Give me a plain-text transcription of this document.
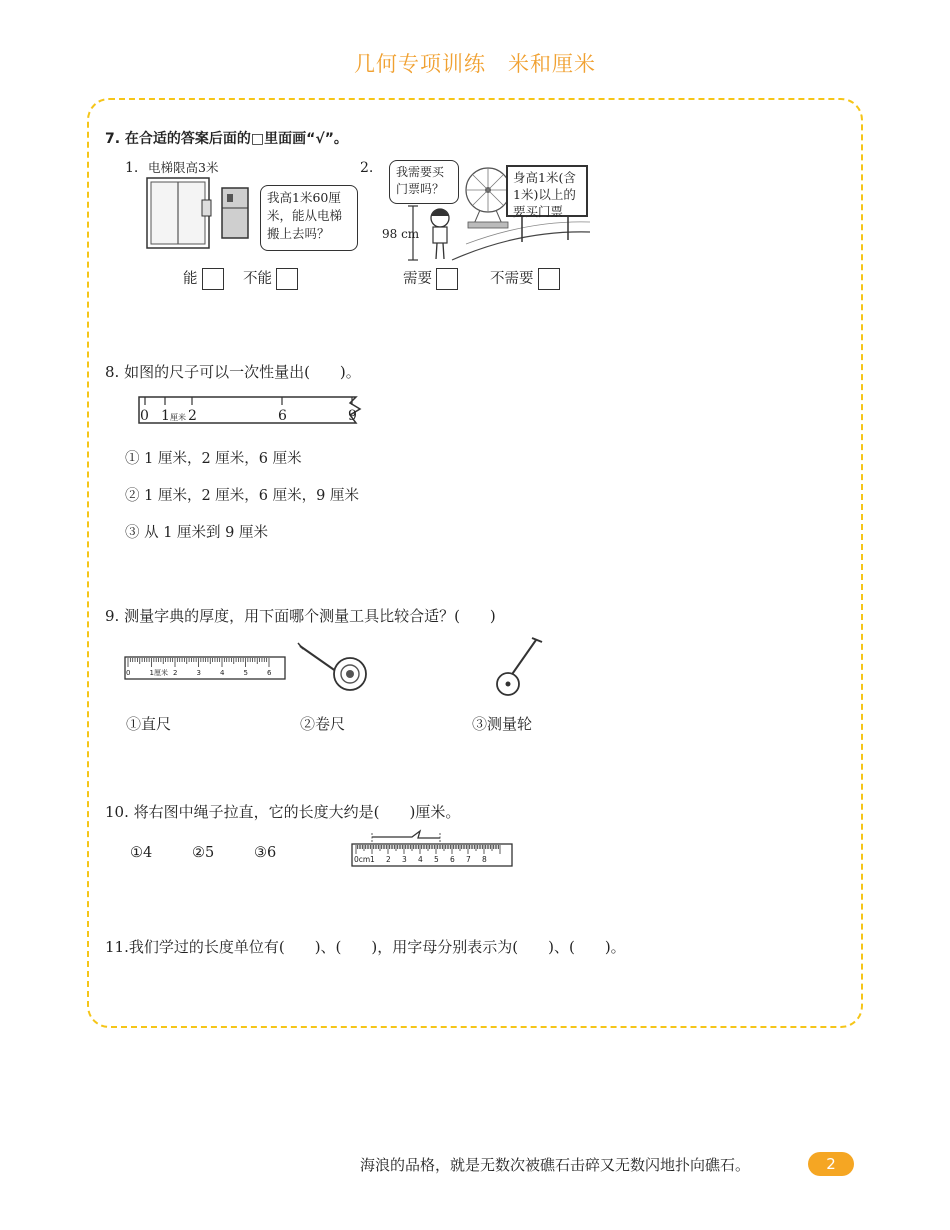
几何专项训练　米和厘米
7. 在合适的答案后面的□里面画“√”。
1. 电梯限高3米
我高1米60厘米，能从电梯搬上去吗？
能	不能
2.	我需要买门票吗？
身高1米(含1米)以上的要买门票
98 cm
需要	不需要
8. 如图的尺子可以一次性量出(　　)。
0 1 厘米 2	6	9
① 1 厘米，2 厘米，6 厘米
② 1 厘米，2 厘米，6 厘米，9 厘米
③ 从 1 厘米到 9 厘米
9. 测量字典的厚度，用下面哪个测量工具比较合适？(　　)
0	1厘米 2	3	4	5	6
①直尺	②卷尺	③测量轮
10. 将右图中绳子拉直，它的长度大约是(　　)厘米。
①4	②5	③6	0cm 1 2 3 4 5 6 7 8
11.我们学过的长度单位有(　　)、(　　)，用字母分别表示为(　　)、(　　)。
海浪的品格，就是无数次被礁石击碎又无数闪地扑向礁石。	2
